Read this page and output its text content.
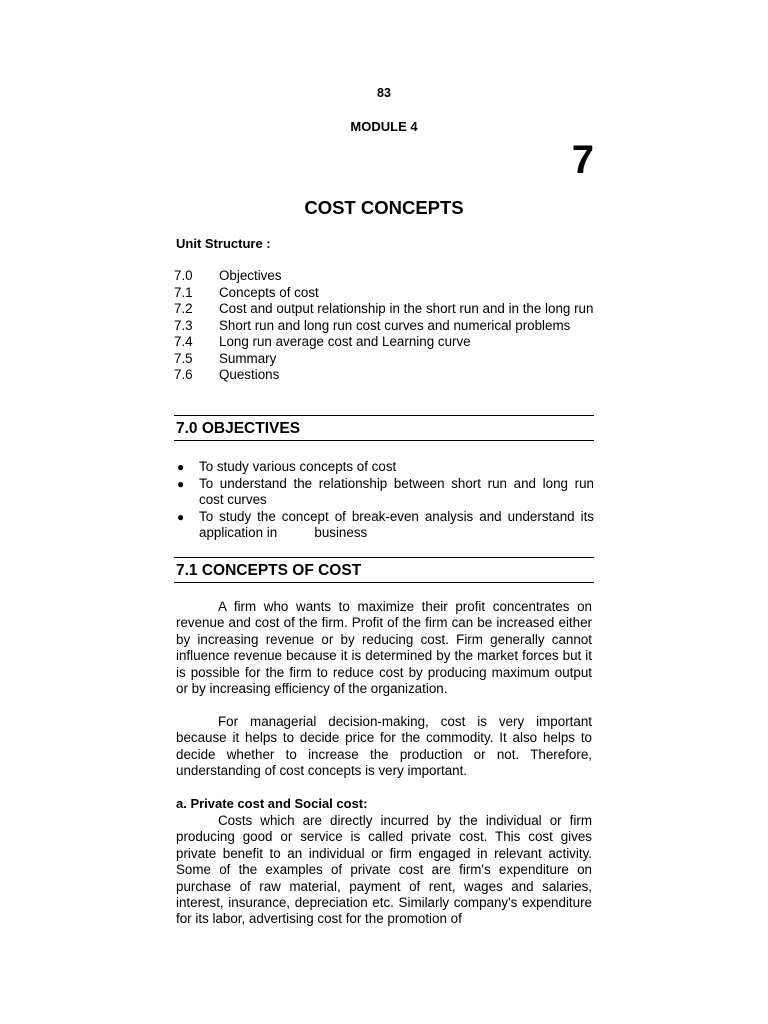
83
MODULE 4
7
COST CONCEPTS
Unit Structure :
7.0	Objectives
7.1	Concepts of cost
7.2	Cost and output relationship in the short run and in the long run
7.3	Short run and long run cost curves and numerical problems
7.4	Long run average cost and Learning curve
7.5	Summary
7.6	Questions
7.0 OBJECTIVES
●	To study various concepts of cost
●	To understand the relationship between short run and long run cost curves
●	To study the concept of break-even analysis and understand its application in          business
7.1 CONCEPTS OF COST

A firm who wants to maximize their profit concentrates on revenue and cost of the firm. Profit of the firm can be increased either by increasing revenue or by reducing cost. Firm generally cannot influence revenue because it is determined by the market forces but it is possible for the firm to reduce cost by producing maximum output or by increasing efficiency of the organization.

For managerial decision-making, cost is very important because it helps to decide price for the commodity. It also helps to decide whether to increase the production or not. Therefore, understanding of cost concepts is very important.

a. Private cost and Social cost:

Costs which are directly incurred by the individual or firm producing good or service is called private cost. This cost gives private benefit to an individual or firm engaged in relevant activity. Some of the examples of private cost are firm's expenditure on purchase of raw material, payment of rent, wages and salaries, interest, insurance, depreciation etc. Similarly company's expenditure for its labor, advertising cost for the promotion of
